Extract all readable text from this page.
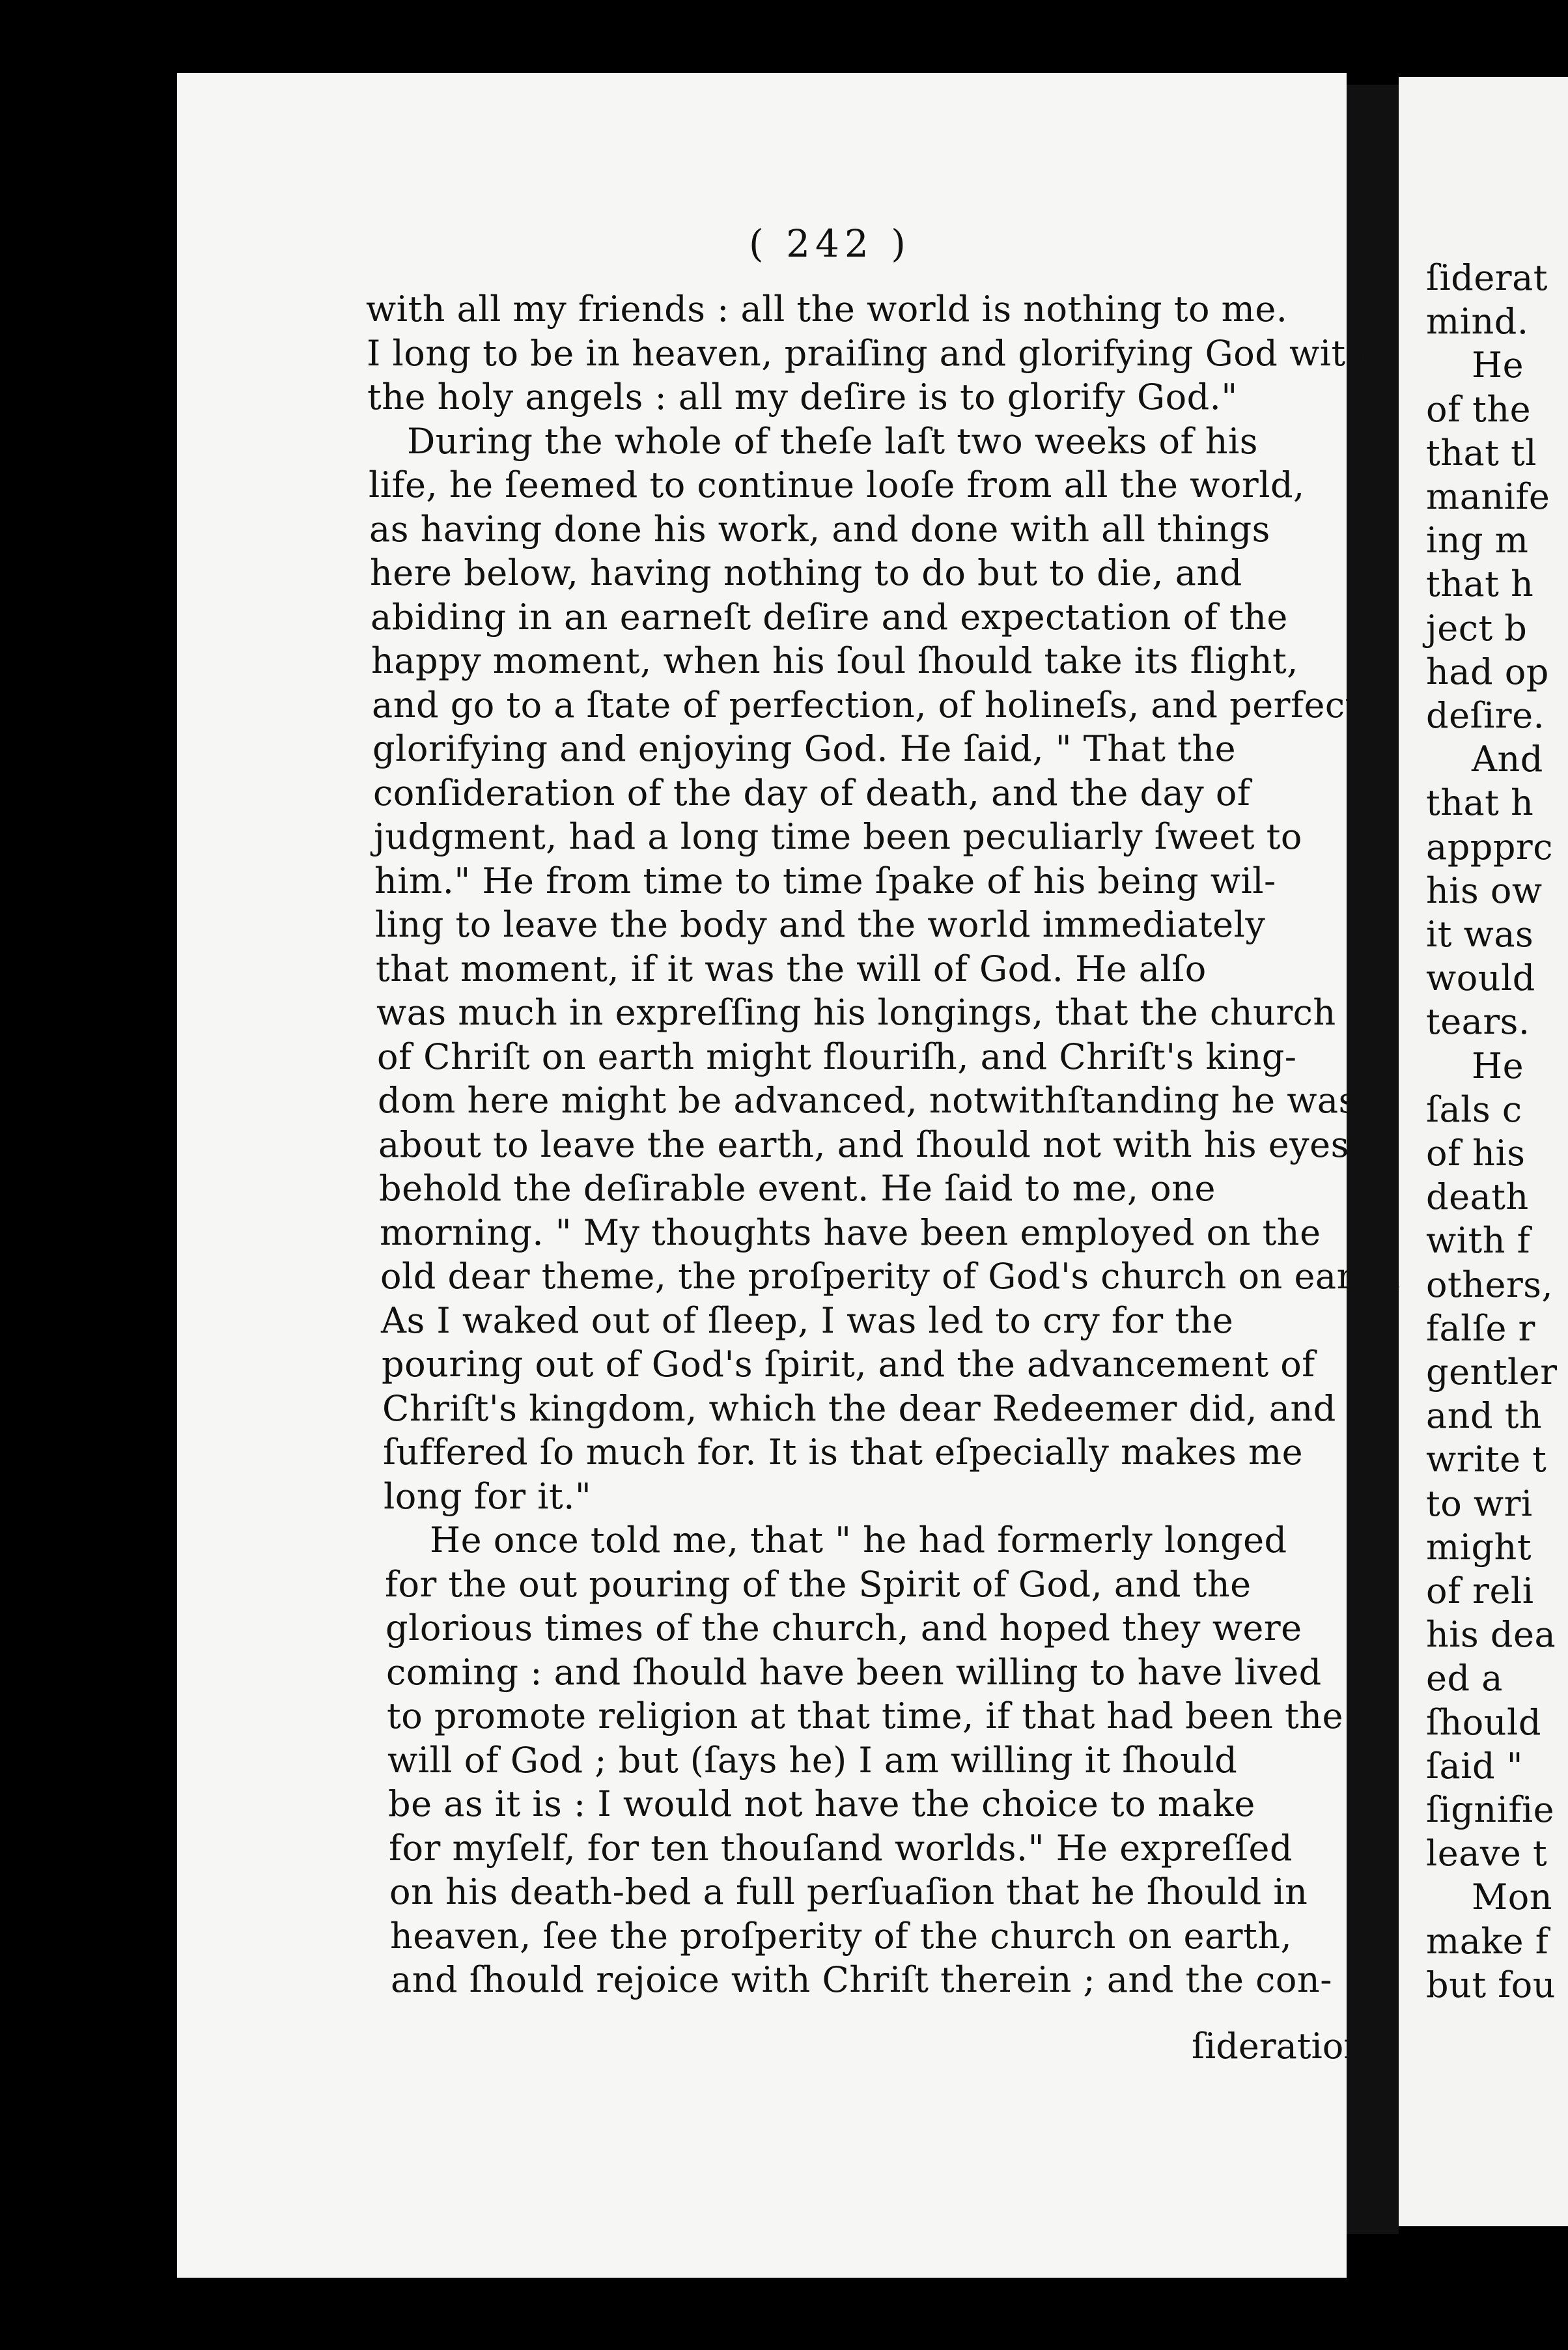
( 242 )
with all my friends : all the world is nothing to me.
I long to be in heaven, praiſing and glorifying God with
the holy angels : all my deſire is to glorify God."
During the whole of theſe laſt two weeks of his
life, he ſeemed to continue looſe from all the world,
as having done his work, and done with all things
here below, having nothing to do but to die, and
abiding in an earneſt deſire and expectation of the
happy moment, when his ſoul ſhould take its flight,
and go to a ſtate of perfection, of holineſs, and perfect
glorifying and enjoying God. He ſaid, " That the
conſideration of the day of death, and the day of
judgment, had a long time been peculiarly ſweet to
him." He from time to time ſpake of his being wil-
ling to leave the body and the world immediately
that moment, if it was the will of God. He alſo
was much in expreſſing his longings, that the church
of Chriſt on earth might flouriſh, and Chriſt's king-
dom here might be advanced, notwithſtanding he was
about to leave the earth, and ſhould not with his eyes
behold the deſirable event. He ſaid to me, one
morning. " My thoughts have been employed on the
old dear theme, the proſperity of God's church on earth.
As I waked out of ſleep, I was led to cry for the
pouring out of God's ſpirit, and the advancement of
Chriſt's kingdom, which the dear Redeemer did, and
ſuffered ſo much for. It is that eſpecially makes me
long for it."
He once told me, that " he had formerly longed
for the out pouring of the Spirit of God, and the
glorious times of the church, and hoped they were
coming : and ſhould have been willing to have lived
to promote religion at that time, if that had been the
will of God ; but (ſays he) I am willing it ſhould
be as it is : I would not have the choice to make
for myſelf, for ten thouſand worlds." He expreſſed
on his death-bed a full perſuaſion that he ſhould in
heaven, ſee the proſperity of the church on earth,
and ſhould rejoice with Chriſt therein ; and the con-
ſideration
ſiderat
mind.
He
of the
that tl
manife
ing m
that h
ject b
had op
deſire.
And
that h
appprc
his ow
it was
would
tears.
He
ſals c
of his
death
with f
others,
falſe r
gentler
and th
write t
to wri
might
of reli
his dea
ed a
ſhould
ſaid "
ſignifie
leave t
Mon
make f
but fou
